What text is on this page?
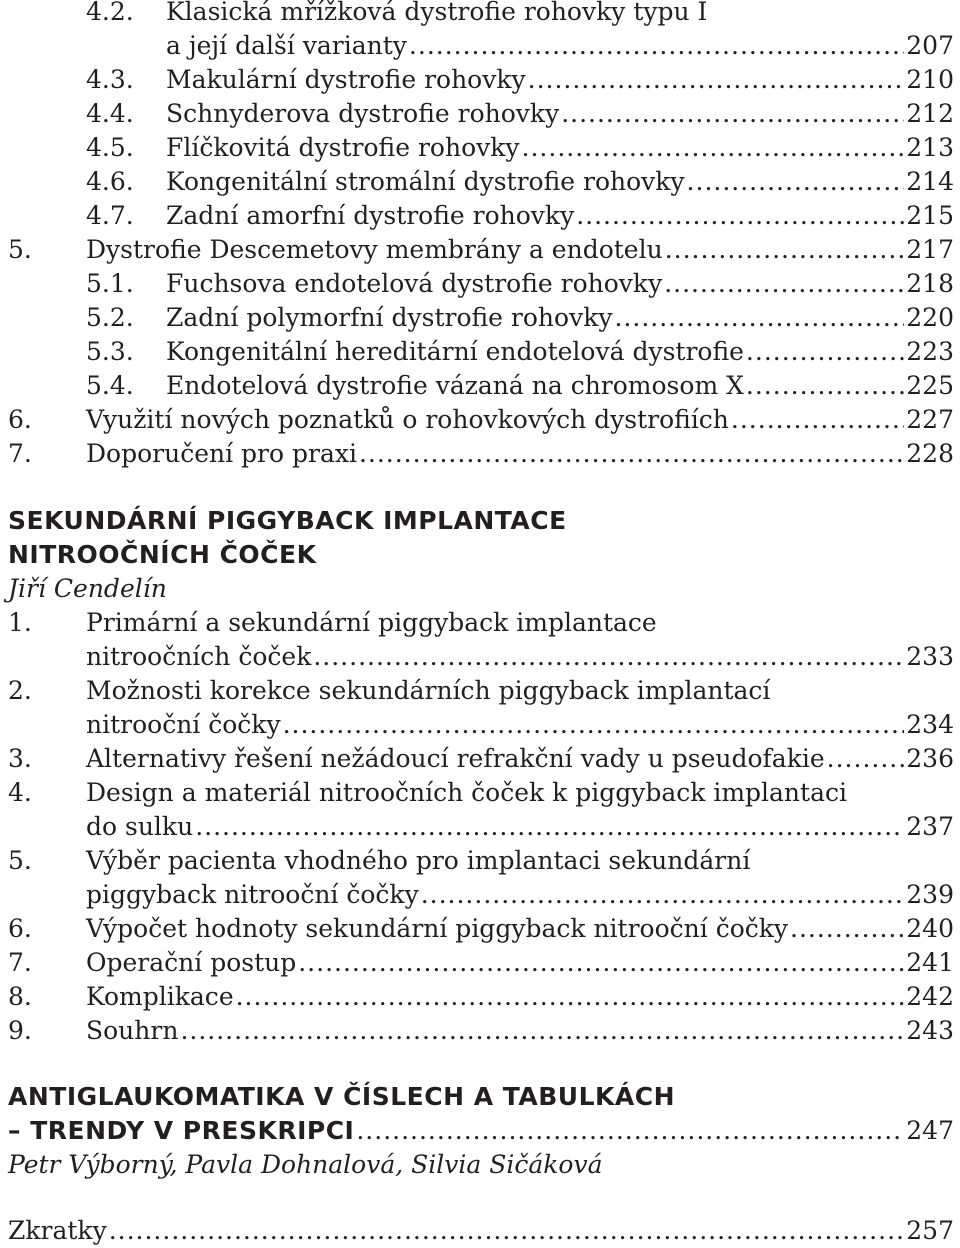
4.2. Klasická mřížková dystrofie rohovky typu I
a její další varianty .....	207
4.3. Makulární dystrofie rohovky .....	210
4.4. Schnyderova dystrofie rohovky .....	212
4.5. Flíčkovitá dystrofie rohovky .....	213
4.6. Kongenitální stromální dystrofie rohovky .....	214
4.7. Zadní amorfní dystrofie rohovky .....	215
5. Dystrofie Descemetovy membrány a endotelu .....	217
5.1. Fuchsova endotelová dystrofie rohovky .....	218
5.2. Zadní polymorfní dystrofie rohovky .....	220
5.3. Kongenitální hereditární endotelová dystrofie .....	223
5.4. Endotelová dystrofie vázaná na chromosom X .....	225
6. Využití nových poznatků o rohovkových dystrofiích .....	227
7. Doporučení pro praxi .....	228
SEKUNDÁRNÍ PIGGYBACK IMPLANTACE
NITROOČNÍCH ČOČEK
Jiří Cendelín
1. Primární a sekundární piggyback implantace
nitroočních čoček .....	233
2. Možnosti korekce sekundárních piggyback implantací
nitrooční čočky .....	234
3. Alternativy řešení nežádoucí refrakční vady u pseudofakie .....	236
4. Design a materiál nitroočních čoček k piggyback implantaci
do sulku .....	237
5. Výběr pacienta vhodného pro implantaci sekundární
piggyback nitrooční čočky .....	239
6. Výpočet hodnoty sekundární piggyback nitrooční čočky .....	240
7. Operační postup .....	241
8. Komplikace .....	242
9. Souhrn .....	243
ANTIGLAUKOMATIKA V ČÍSLECH A TABULKÁCH
– TRENDY V PRESKRIPCI .....	247
Petr Výborný, Pavla Dohnalová, Silvia Sičáková
Zkratky .....	257
